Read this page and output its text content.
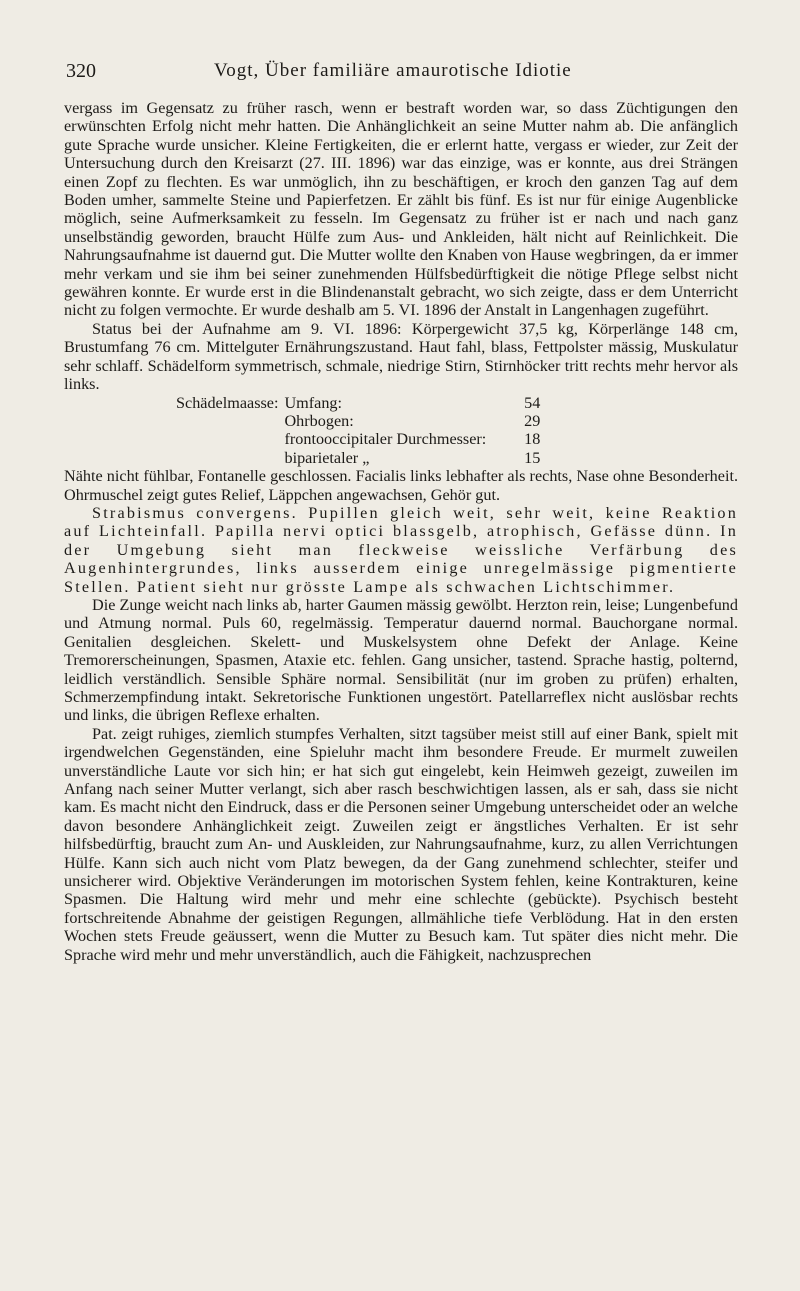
320	Vogt, Über familiäre amaurotische Idiotie

vergass im Gegensatz zu früher rasch, wenn er bestraft worden war, so dass Züchtigungen den erwünschten Erfolg nicht mehr hatten. Die Anhänglichkeit an seine Mutter nahm ab. Die anfänglich gute Sprache wurde unsicher. Kleine Fertigkeiten, die er erlernt hatte, vergass er wieder, zur Zeit der Untersuchung durch den Kreisarzt (27. III. 1896) war das einzige, was er konnte, aus drei Strängen einen Zopf zu flechten. Es war unmöglich, ihn zu beschäftigen, er kroch den ganzen Tag auf dem Boden umher, sammelte Steine und Papierfetzen. Er zählt bis fünf. Es ist nur für einige Augenblicke möglich, seine Aufmerksamkeit zu fesseln. Im Gegensatz zu früher ist er nach und nach ganz unselbständig geworden, braucht Hülfe zum Aus- und Ankleiden, hält nicht auf Reinlichkeit. Die Nahrungsaufnahme ist dauernd gut. Die Mutter wollte den Knaben von Hause wegbringen, da er immer mehr verkam und sie ihm bei seiner zunehmenden Hülfsbedürftigkeit die nötige Pflege selbst nicht gewähren konnte. Er wurde erst in die Blindenanstalt gebracht, wo sich zeigte, dass er dem Unterricht nicht zu folgen vermochte. Er wurde deshalb am 5. VI. 1896 der Anstalt in Langenhagen zugeführt.

Status bei der Aufnahme am 9. VI. 1896: Körpergewicht 37,5 kg, Körperlänge 148 cm, Brustumfang 76 cm. Mittelguter Ernährungszustand. Haut fahl, blass, Fettpolster mässig, Muskulatur sehr schlaff. Schädelform symmetrisch, schmale, niedrige Stirn, Stirnhöcker tritt rechts mehr hervor als links.

Schädelmaasse:	Umfang:	54
	Ohrbogen:	29
	frontooccipitaler Durchmesser:	18
	biparietaler „	15

Nähte nicht fühlbar, Fontanelle geschlossen. Facialis links lebhafter als rechts, Nase ohne Besonderheit. Ohrmuschel zeigt gutes Relief, Läppchen angewachsen, Gehör gut.

Strabismus convergens. Pupillen gleich weit, sehr weit, keine Reaktion auf Lichteinfall. Papilla nervi optici blassgelb, atrophisch, Gefässe dünn. In der Umgebung sieht man fleckweise weissliche Verfärbung des Augenhintergrundes, links ausserdem einige unregelmässige pigmentierte Stellen. Patient sieht nur grösste Lampe als schwachen Lichtschimmer.

Die Zunge weicht nach links ab, harter Gaumen mässig gewölbt. Herzton rein, leise; Lungenbefund und Atmung normal. Puls 60, regelmässig. Temperatur dauernd normal. Bauchorgane normal. Genitalien desgleichen. Skelett- und Muskelsystem ohne Defekt der Anlage. Keine Tremorerscheinungen, Spasmen, Ataxie etc. fehlen. Gang unsicher, tastend. Sprache hastig, polternd, leidlich verständlich. Sensible Sphäre normal. Sensibilität (nur im groben zu prüfen) erhalten, Schmerzempfindung intakt. Sekretorische Funktionen ungestört. Patellarreflex nicht auslösbar rechts und links, die übrigen Reflexe erhalten.

Pat. zeigt ruhiges, ziemlich stumpfes Verhalten, sitzt tagsüber meist still auf einer Bank, spielt mit irgendwelchen Gegenständen, eine Spieluhr macht ihm besondere Freude. Er murmelt zuweilen unverständliche Laute vor sich hin; er hat sich gut eingelebt, kein Heimweh gezeigt, zuweilen im Anfang nach seiner Mutter verlangt, sich aber rasch beschwichtigen lassen, als er sah, dass sie nicht kam. Es macht nicht den Eindruck, dass er die Personen seiner Umgebung unterscheidet oder an welche davon besondere Anhänglichkeit zeigt. Zuweilen zeigt er ängstliches Verhalten. Er ist sehr hilfsbedürftig, braucht zum An- und Auskleiden, zur Nahrungsaufnahme, kurz, zu allen Verrichtungen Hülfe. Kann sich auch nicht vom Platz bewegen, da der Gang zunehmend schlechter, steifer und unsicherer wird. Objektive Veränderungen im motorischen System fehlen, keine Kontrakturen, keine Spasmen. Die Haltung wird mehr und mehr eine schlechte (gebückte). Psychisch besteht fortschreitende Abnahme der geistigen Regungen, allmähliche tiefe Verblödung. Hat in den ersten Wochen stets Freude geäussert, wenn die Mutter zu Besuch kam. Tut später dies nicht mehr. Die Sprache wird mehr und mehr unverständlich, auch die Fähigkeit, nachzusprechen
